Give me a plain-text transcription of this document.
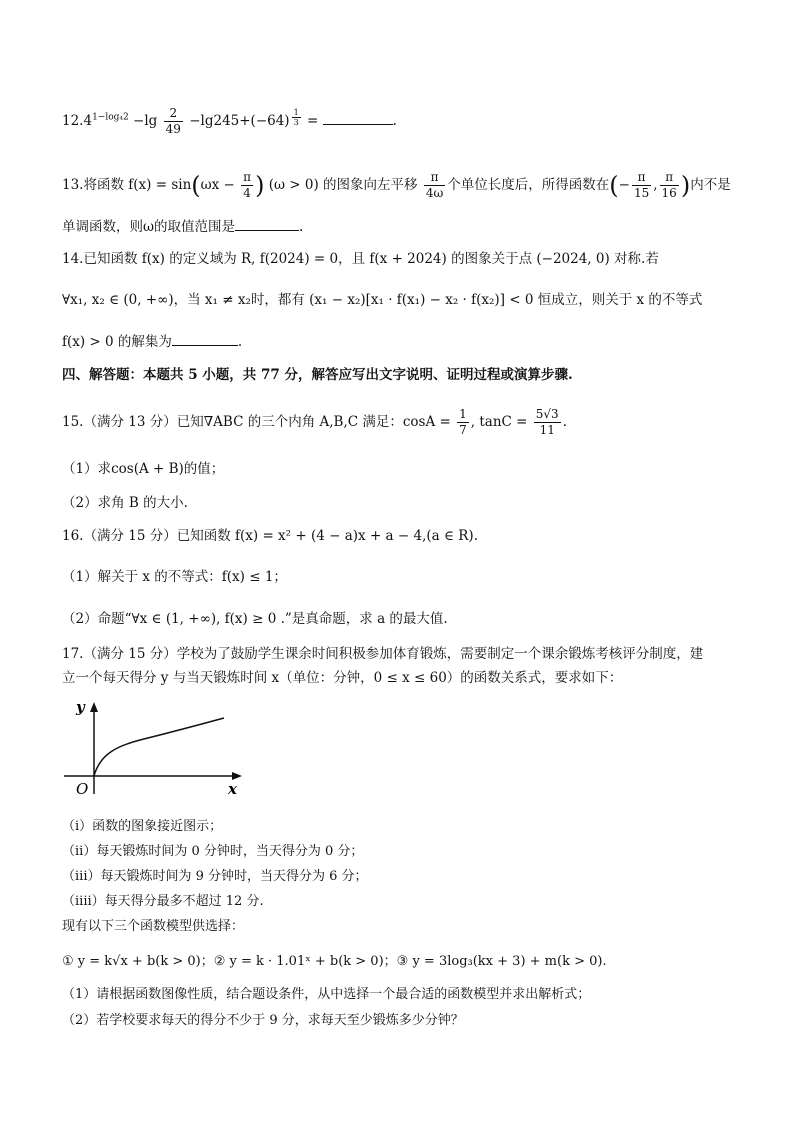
$12.4^{1-log_42} -\lg \frac{2}{49} -\lg 245+(-64) ^{\frac{1}{3}}$ =	.
13.将函数 $f(x) = \sin(\omega x - \frac{\pi}{4}$ ) (ω > 0) 的图象向左平移 $\frac{\pi}{4\omega}$ 个单位长度后，所得函数在(− $\frac{\pi}{15}$ , $\frac{\pi}{16}$ )内不是
单调函数，则ω的取值范围是	.
14.已知函数 f(x) 的定义域为 R, f(2024) = 0，且 f(x + 2024) 的图象关于点 (−2024, 0) 对称.若
∀x₁, x₂ ∈ (0, +∞)，当 x₁ ≠ x₂时，都有 (x₁ − x₂)[x₁ · f(x₁) − x₂ · f(x₂)] < 0 恒成立，则关于 x 的不等式
f(x) > 0 的解集为	.
四、解答题：本题共 5 小题，共 77 分，解答应写出文字说明、证明过程或演算步骤.
15.（满分 13 分）已知∇ABC 的三个内角 A,B,C 满足：$\cos A = \frac{1}{7}$ , $\tan C = \frac{5√3}{11}$ .
（1）求cos(A + B)的值；
（2）求角 B 的大小.
16.（满分 15 分）已知函数 f(x) = x² + (4 − a)x + a − 4,(a ∈ R).
（1）解关于 x 的不等式：f(x) ≤ 1；
（2）命题“∀x ∈ (1, +∞), f(x) ≥ 0 .”是真命题，求 a 的最大值.
17.（满分 15 分）学校为了鼓励学生课余时间积极参加体育锻炼，需要制定一个课余锻炼考核评分制度，建
立一个每天得分 y 与当天锻炼时间 x（单位：分钟，0 ≤ x ≤ 60）的函数关系式，要求如下：
y
x
O
（i）函数的图象接近图示；
（ii）每天锻炼时间为 0 分钟时，当天得分为 0 分；
（iii）每天锻炼时间为 9 分钟时，当天得分为 6 分；
（iiii）每天得分最多不超过 12 分.
现有以下三个函数模型供选择：
① y = k√x + b(k > 0)；② y = k · 1.01ˣ + b(k > 0)；③ y = 3log₃(kx + 3) + m(k > 0).
（1）请根据函数图像性质，结合题设条件，从中选择一个最合适的函数模型并求出解析式；
（2）若学校要求每天的得分不少于 9 分，求每天至少锻炼多少分钟？
